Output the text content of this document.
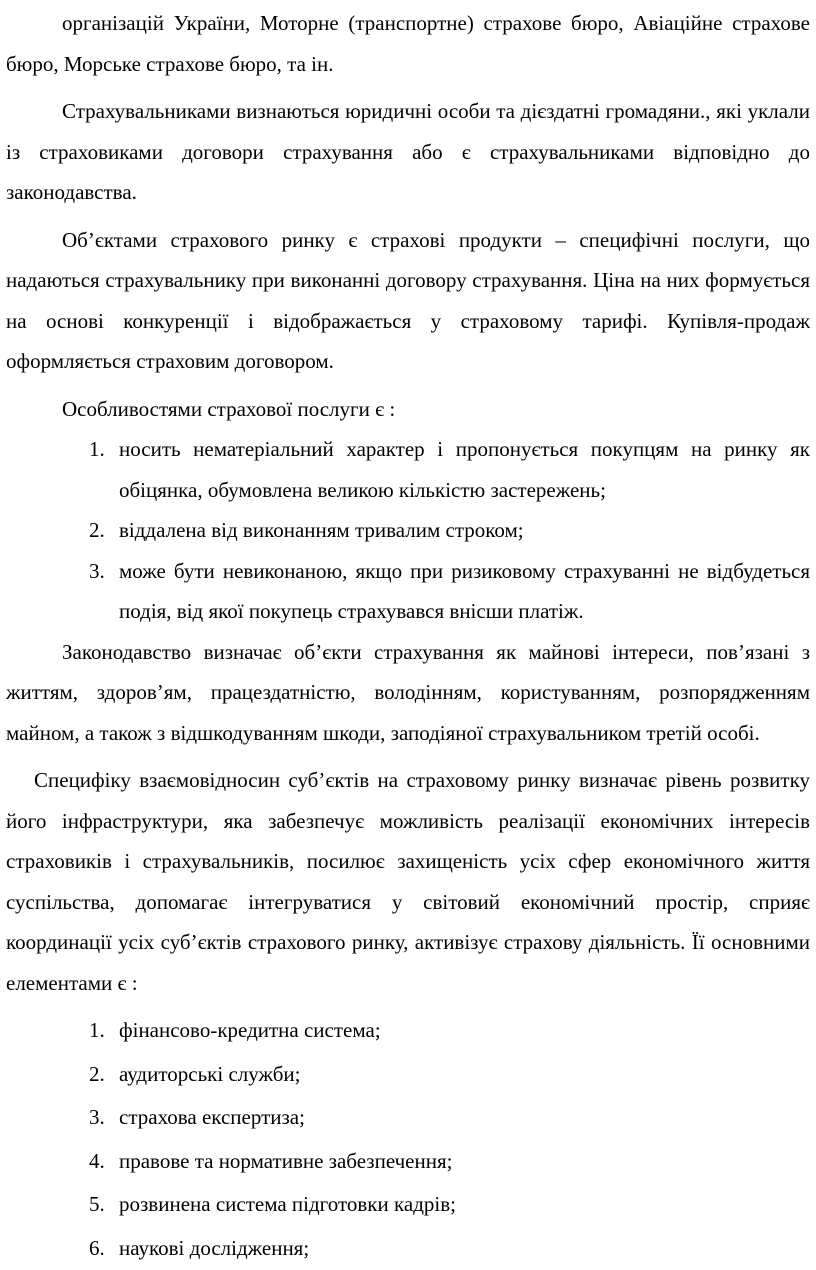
організацій України, Моторне (транспортне) страхове бюро, Авіаційне страхове бюро, Морське страхове бюро, та ін.

Страхувальниками визнаються юридичні особи та дієздатні громадяни., які уклали із страховиками договори страхування або є страхувальниками відповідно до законодавства.

Об’єктами страхового ринку є страхові продукти – специфічні послуги, що надаються страхувальнику при виконанні договору страхування. Ціна на них формується на основі конкуренції і відображається у страховому тарифі. Купівля-продаж оформляється страховим договором.

Особливостями страхової послуги є :

1. носить нематеріальний характер і пропонується покупцям на ринку як обіцянка, обумовлена великою кількістю застережень;
2. віддалена від виконанням тривалим строком;
3. може бути невиконаною, якщо при ризиковому страхуванні не відбудеться подія, від якої покупець страхувався внісши платіж.

Законодавство визначає об’єкти страхування як майнові інтереси, пов’язані з життям, здоров’ям, працездатністю, володінням, користуванням, розпорядженням майном, а також з відшкодуванням шкоди, заподіяної страхувальником третій особі.

Специфіку взаємовідносин суб’єктів на страховому ринку визначає рівень розвитку його інфраструктури, яка забезпечує можливість реалізації економічних інтересів страховиків і страхувальників, посилює захищеність усіх сфер економічного життя суспільства, допомагає інтегруватися у світовий економічний простір, сприяє координації усіх суб’єктів страхового ринку, активізує страхову діяльність. Її основними елементами є :

1. фінансово-кредитна система;
2. аудиторські служби;
3. страхова експертиза;
4. правове та нормативне забезпечення;
5. розвинена система підготовки кадрів;
6. наукові дослідження;
